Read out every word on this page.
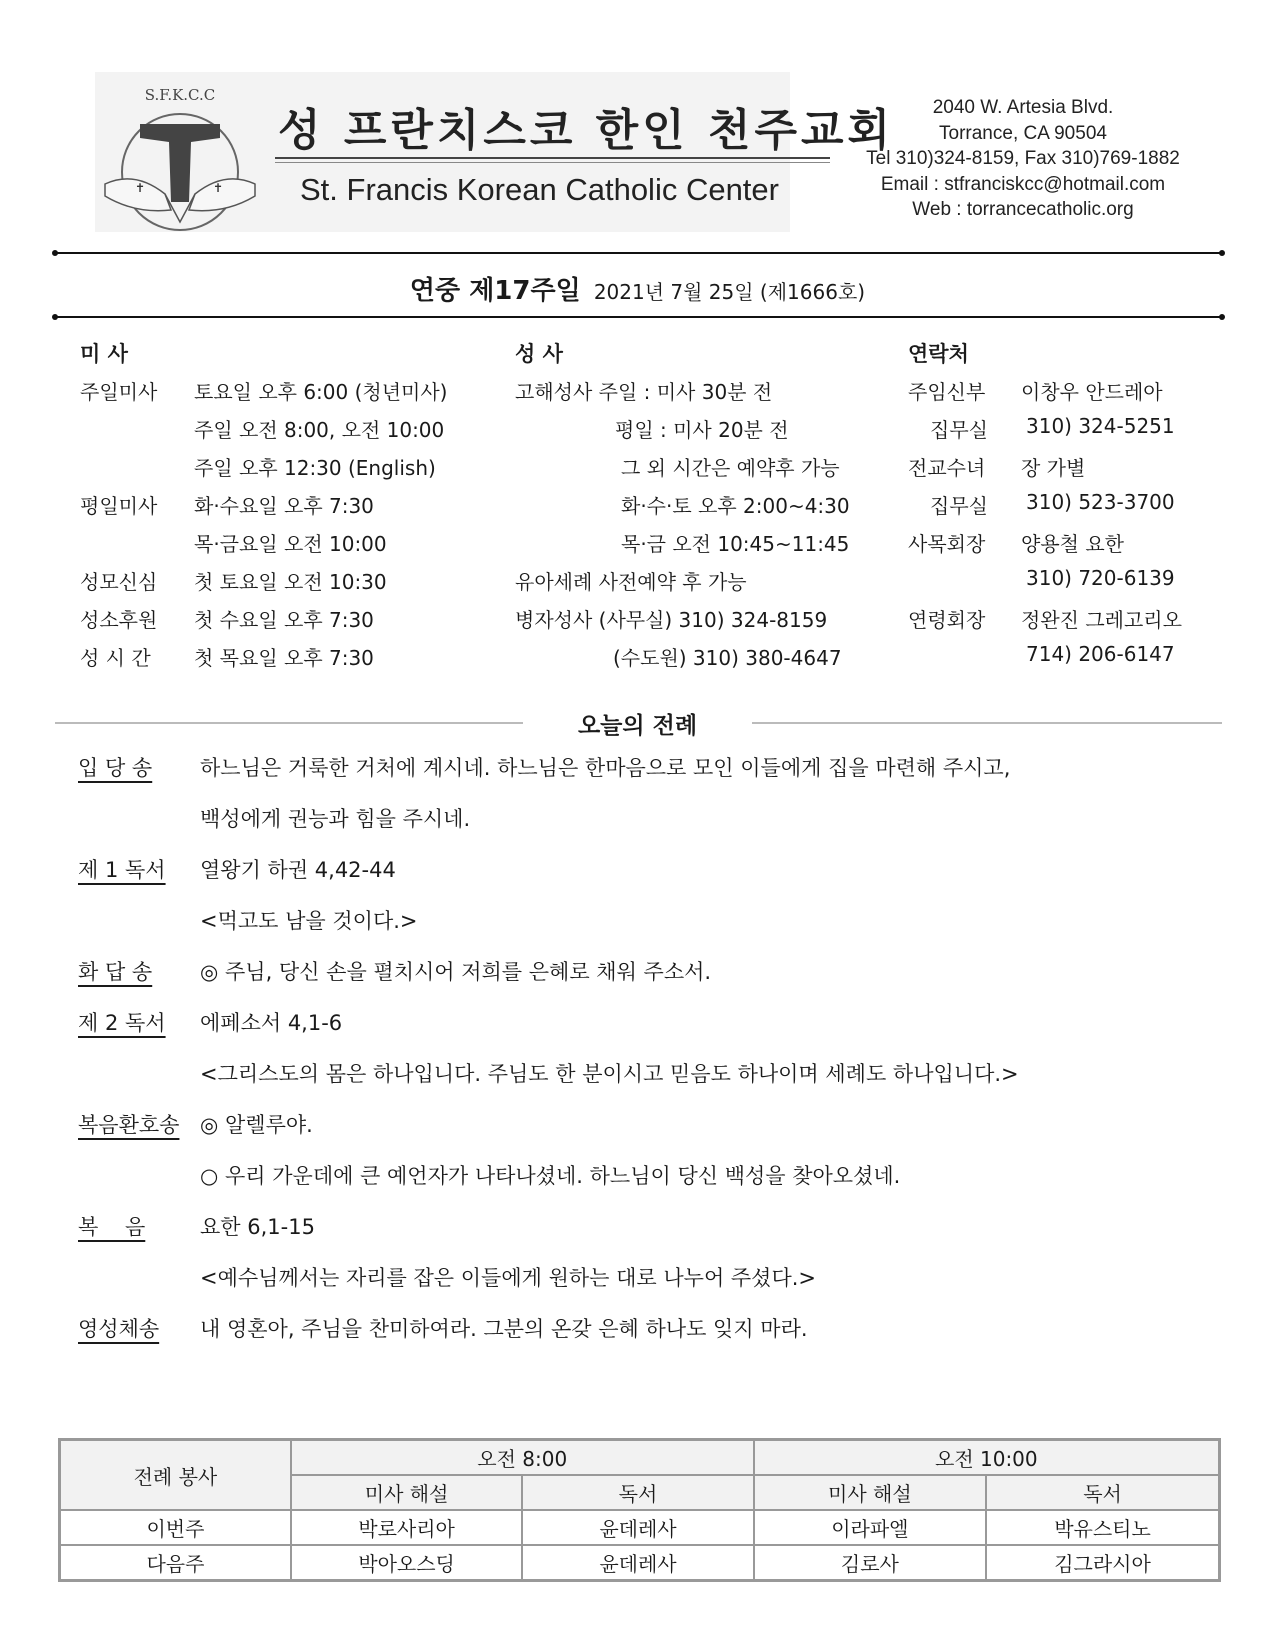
S.F.K.C.C
✝	✝
성 프란치스코 한인 천주교회
St. Francis Korean Catholic Center
2040 W. Artesia Blvd.
Torrance, CA 90504
Tel 310)324-8159, Fax 310)769-1882
Email : stfranciskcc@hotmail.com
Web : torrancecatholic.org
연중 제17주일 2021년 7월 25일 (제1666호)
미 사
주일미사 토요일 오후 6:00 (청년미사)
주일 오전 8:00, 오전 10:00
주일 오후 12:30 (English)
평일미사 화·수요일 오후 7:30
목·금요일 오전 10:00
성모신심 첫 토요일 오전 10:30
성소후원 첫 수요일 오후 7:30
성 시 간 첫 목요일 오후 7:30
성 사
고해성사 주일 : 미사 30분 전
평일 : 미사 20분 전
그 외 시간은 예약후 가능
화·수·토 오후 2:00~4:30
목·금 오전 10:45~11:45
유아세례 사전예약 후 가능
병자성사 (사무실) 310) 324-8159
(수도원) 310) 380-4647
연락처
주임신부 이창우 안드레아
집무실 310) 324-5251
전교수녀 장 가별
집무실 310) 523-3700
사목회장 양용철 요한
310) 720-6139
연령회장 정완진 그레고리오
714) 206-6147
오늘의 전례
입 당 송 하느님은 거룩한 거처에 계시네. 하느님은 한마음으로 모인 이들에게 집을 마련해 주시고,
백성에게 권능과 힘을 주시네.
제 1 독서 열왕기 하권 4,42-44
<먹고도 남을 것이다.>
화 답 송 ◎ 주님, 당신 손을 펼치시어 저희를 은혜로 채워 주소서.
제 2 독서 에페소서 4,1-6
<그리스도의 몸은 하나입니다. 주님도 한 분이시고 믿음도 하나이며 세례도 하나입니다.>
복음환호송 ◎ 알렐루야.
○ 우리 가운데에 큰 예언자가 나타나셨네. 하느님이 당신 백성을 찾아오셨네.
복    음	요한 6,1-15
<예수님께서는 자리를 잡은 이들에게 원하는 대로 나누어 주셨다.>
영성체송 내 영혼아, 주님을 찬미하여라. 그분의 온갖 은혜 하나도 잊지 마라.
전례 봉사	오전 8:00		오전 10:00	
	미사 해설	독서	미사 해설	독서
이번주	박로사리아	윤데레사	이라파엘	박유스티노
다음주	박아오스딩	윤데레사	김로사	김그라시아
